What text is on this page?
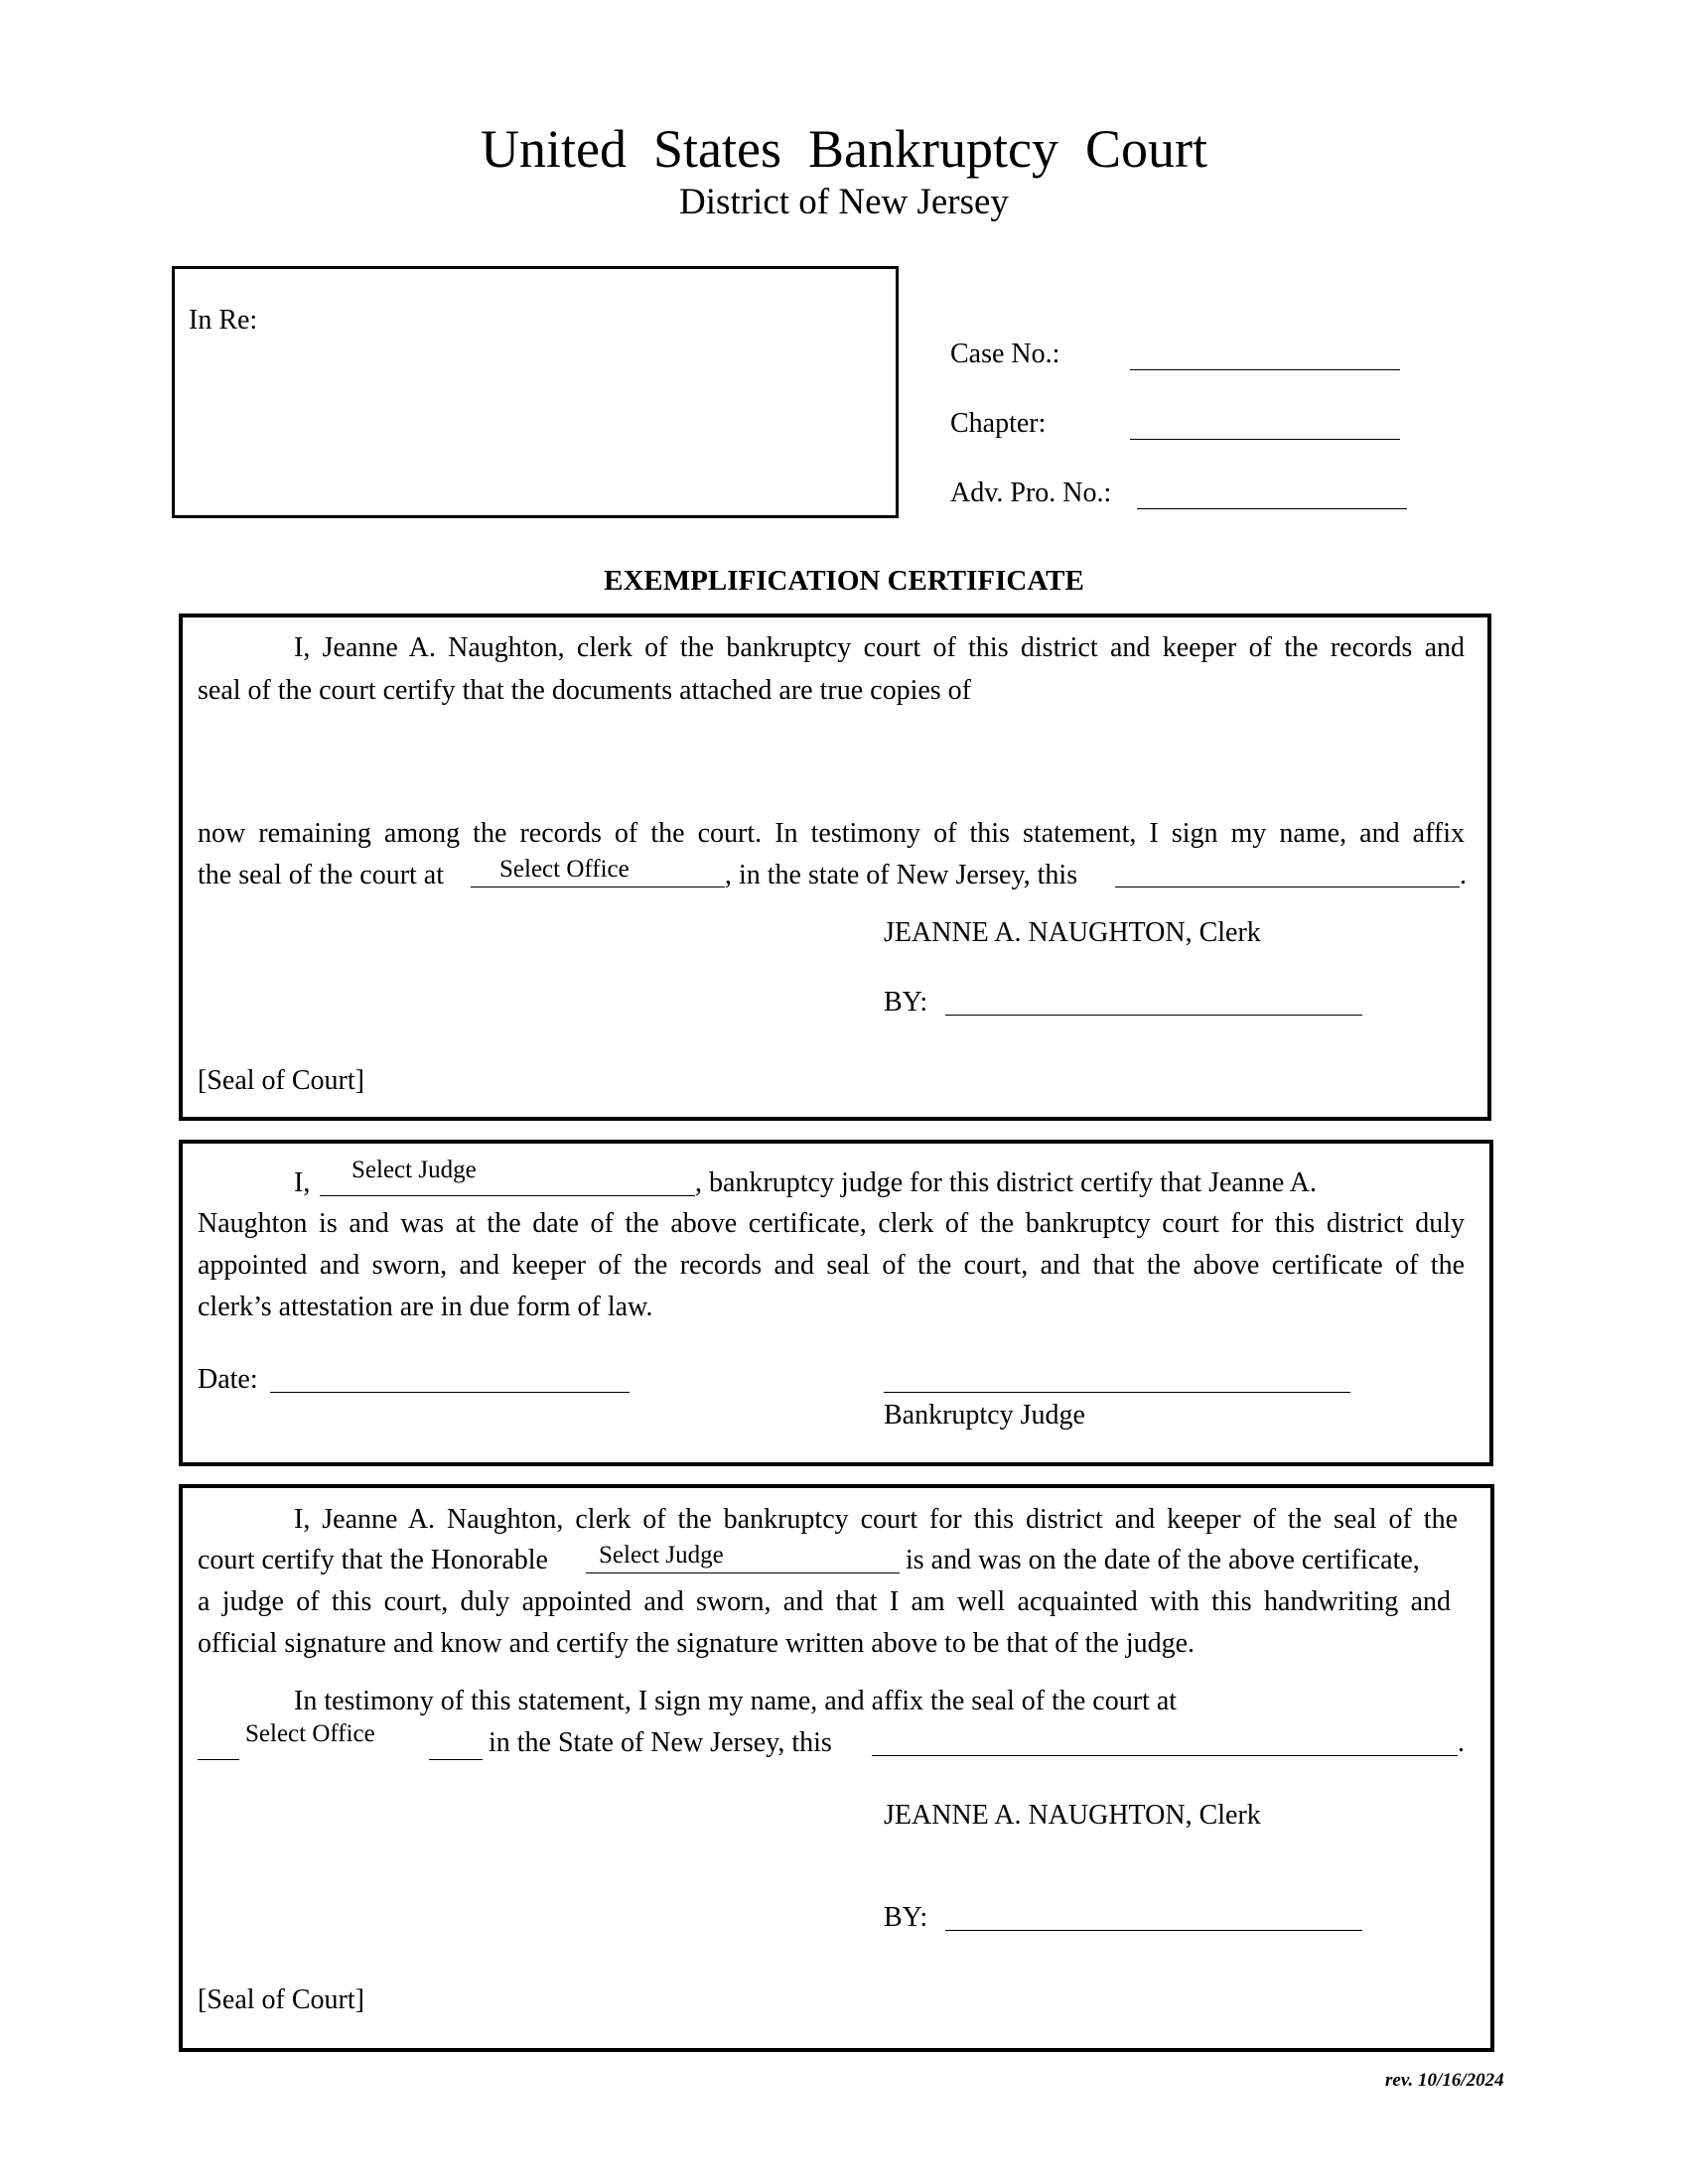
United  States  Bankruptcy  Court
District of New Jersey
In Re:
Case No.:
Chapter:
Adv. Pro. No.:
EXEMPLIFICATION CERTIFICATE
I, Jeanne A. Naughton, clerk of the bankruptcy court of this district and keeper of the records and
seal of the court certify that the documents attached are true copies of
now remaining among the records of the court. In testimony of this statement, I sign my name, and affix
the seal of the court at Select Office	, in the state of New Jersey, this	.
JEANNE A. NAUGHTON, Clerk
BY:
[Seal of Court]
I, Select Judge	, bankruptcy judge for this district certify that Jeanne A.
Naughton is and was at the date of the above certificate, clerk of the bankruptcy court for this district duly
appointed and sworn, and keeper of the records and seal of the court, and that the above certificate of the
clerk’s attestation are in due form of law.
Date:
Bankruptcy Judge
I, Jeanne A. Naughton, clerk of the bankruptcy court for this district and keeper of the seal of the
court certify that the Honorable Select Judge	is and was on the date of the above certificate,
a judge of this court, duly appointed and sworn, and that I am well acquainted with this handwriting and
official signature and know and certify the signature written above to be that of the judge.
In testimony of this statement, I sign my name, and affix the seal of the court at
Select Office	in the State of New Jersey, this	.
JEANNE A. NAUGHTON, Clerk
BY:
[Seal of Court]
rev. 10/16/2024
